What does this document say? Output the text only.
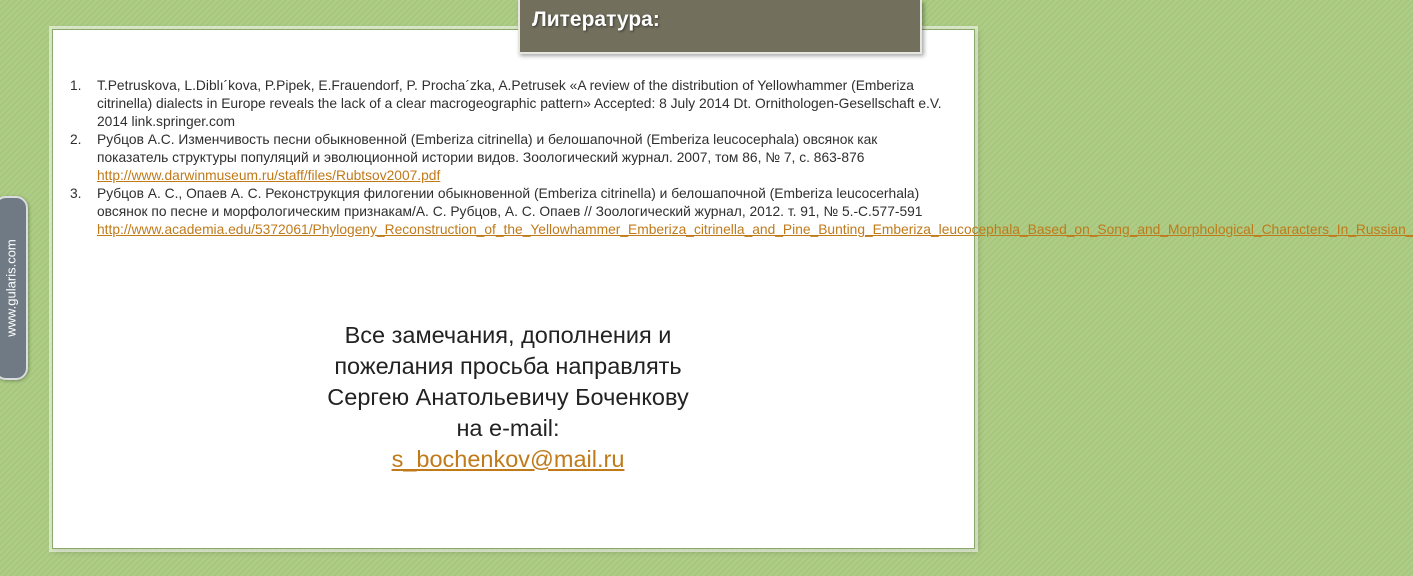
Литература:
www.gularis.com
1. T.Petruskova, L.Diblı´kova, P.Pipek, E.Frauendorf, P. Procha´zka, A.Petrusek «A review of the distribution of Yellowhammer (Emberiza citrinella) dialects in Europe reveals the lack of a clear macrogeographic pattern» Accepted: 8 July 2014 Dt. Ornithologen-Gesellschaft e.V. 2014 link.springer.com
2. Рубцов А.С. Изменчивость песни обыкновенной (Emberiza citrinella) и белошапочной (Emberiza leucocephala) овсянок как показатель структуры популяций и эволюционной истории видов. Зоологический журнал. 2007, том 86, № 7, с. 863-876 http://www.darwinmuseum.ru/staff/files/Rubtsov2007.pdf
3. Рубцов А. С., Опаев А. С. Реконструкция филогении обыкновенной (Emberiza citrinella) и белошапочной (Emberiza leucocerhala) овсянок по песне и морфологическим признакам/А. С. Рубцов, А. С. Опаев // Зоологический журнал, 2012. т. 91, № 5.-С.577-591 http://www.academia.edu/5372061/Phylogeny_Reconstruction_of_the_Yellowhammer_Emberiza_citrinella_and_Pine_Bunting_Emberiza_leucocephala_Based_on_Song_and_Morphological_Characters_In_Russian_
Все замечания, дополнения и
пожелания просьба направлять
Сергею Анатольевичу Боченкову
на e-mail:
s_bochenkov@mail.ru
